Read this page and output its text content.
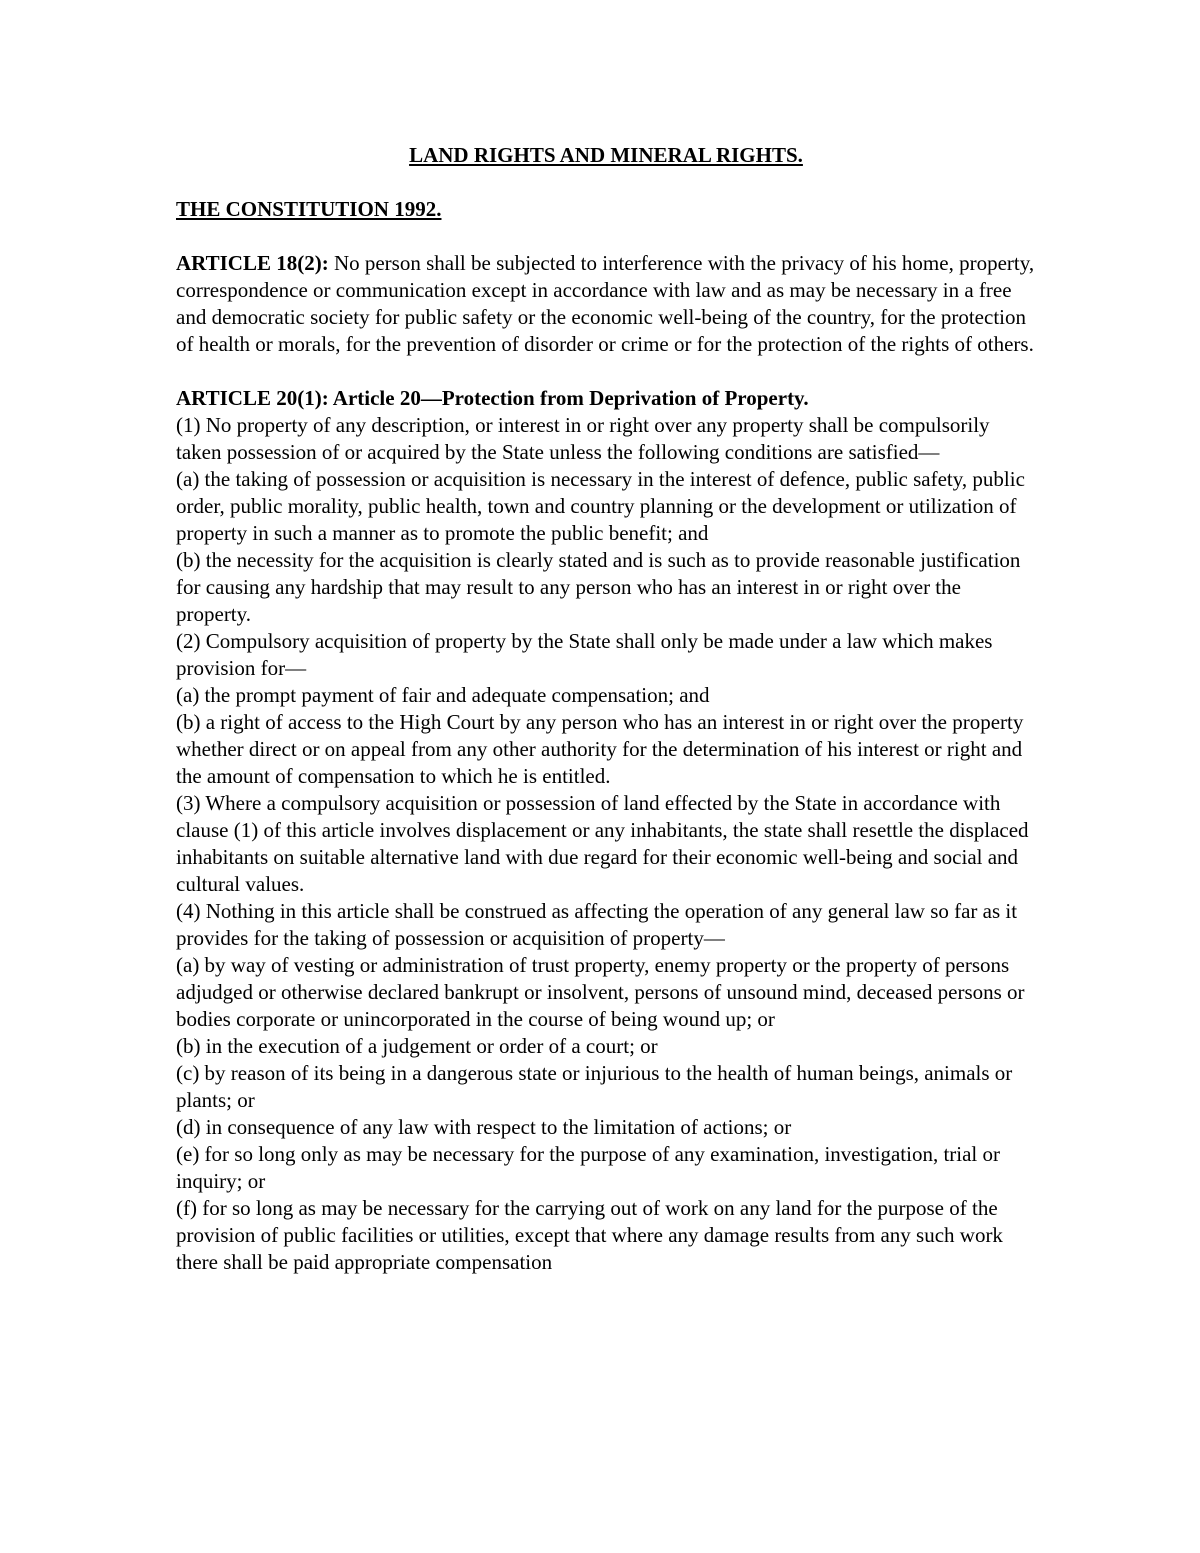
LAND RIGHTS AND MINERAL RIGHTS.

THE CONSTITUTION 1992.

ARTICLE 18(2): No person shall be subjected to interference with the privacy of his home, property, correspondence or communication except in accordance with law and as may be necessary in a free and democratic society for public safety or the economic well-being of the country, for the protection of health or morals, for the prevention of disorder or crime or for the protection of the rights of others.

ARTICLE 20(1): Article 20—Protection from Deprivation of Property.

(1) No property of any description, or interest in or right over any property shall be compulsorily taken possession of or acquired by the State unless the following conditions are satisfied—

(a) the taking of possession or acquisition is necessary in the interest of defence, public safety, public order, public morality, public health, town and country planning or the development or utilization of property in such a manner as to promote the public benefit; and

(b) the necessity for the acquisition is clearly stated and is such as to provide reasonable justification for causing any hardship that may result to any person who has an interest in or right over the property.

(2) Compulsory acquisition of property by the State shall only be made under a law which makes provision for—

(a) the prompt payment of fair and adequate compensation; and

(b) a right of access to the High Court by any person who has an interest in or right over the property whether direct or on appeal from any other authority for the determination of his interest or right and the amount of compensation to which he is entitled.

(3) Where a compulsory acquisition or possession of land effected by the State in accordance with clause (1) of this article involves displacement or any inhabitants, the state shall resettle the displaced inhabitants on suitable alternative land with due regard for their economic well-being and social and cultural values.

(4) Nothing in this article shall be construed as affecting the operation of any general law so far as it provides for the taking of possession or acquisition of property—

(a) by way of vesting or administration of trust property, enemy property or the property of persons adjudged or otherwise declared bankrupt or insolvent, persons of unsound mind, deceased persons or bodies corporate or unincorporated in the course of being wound up; or

(b) in the execution of a judgement or order of a court; or

(c) by reason of its being in a dangerous state or injurious to the health of human beings, animals or plants; or

(d) in consequence of any law with respect to the limitation of actions; or

(e) for so long only as may be necessary for the purpose of any examination, investigation, trial or inquiry; or

(f) for so long as may be necessary for the carrying out of work on any land for the purpose of the provision of public facilities or utilities, except that where any damage results from any such work there shall be paid appropriate compensation
